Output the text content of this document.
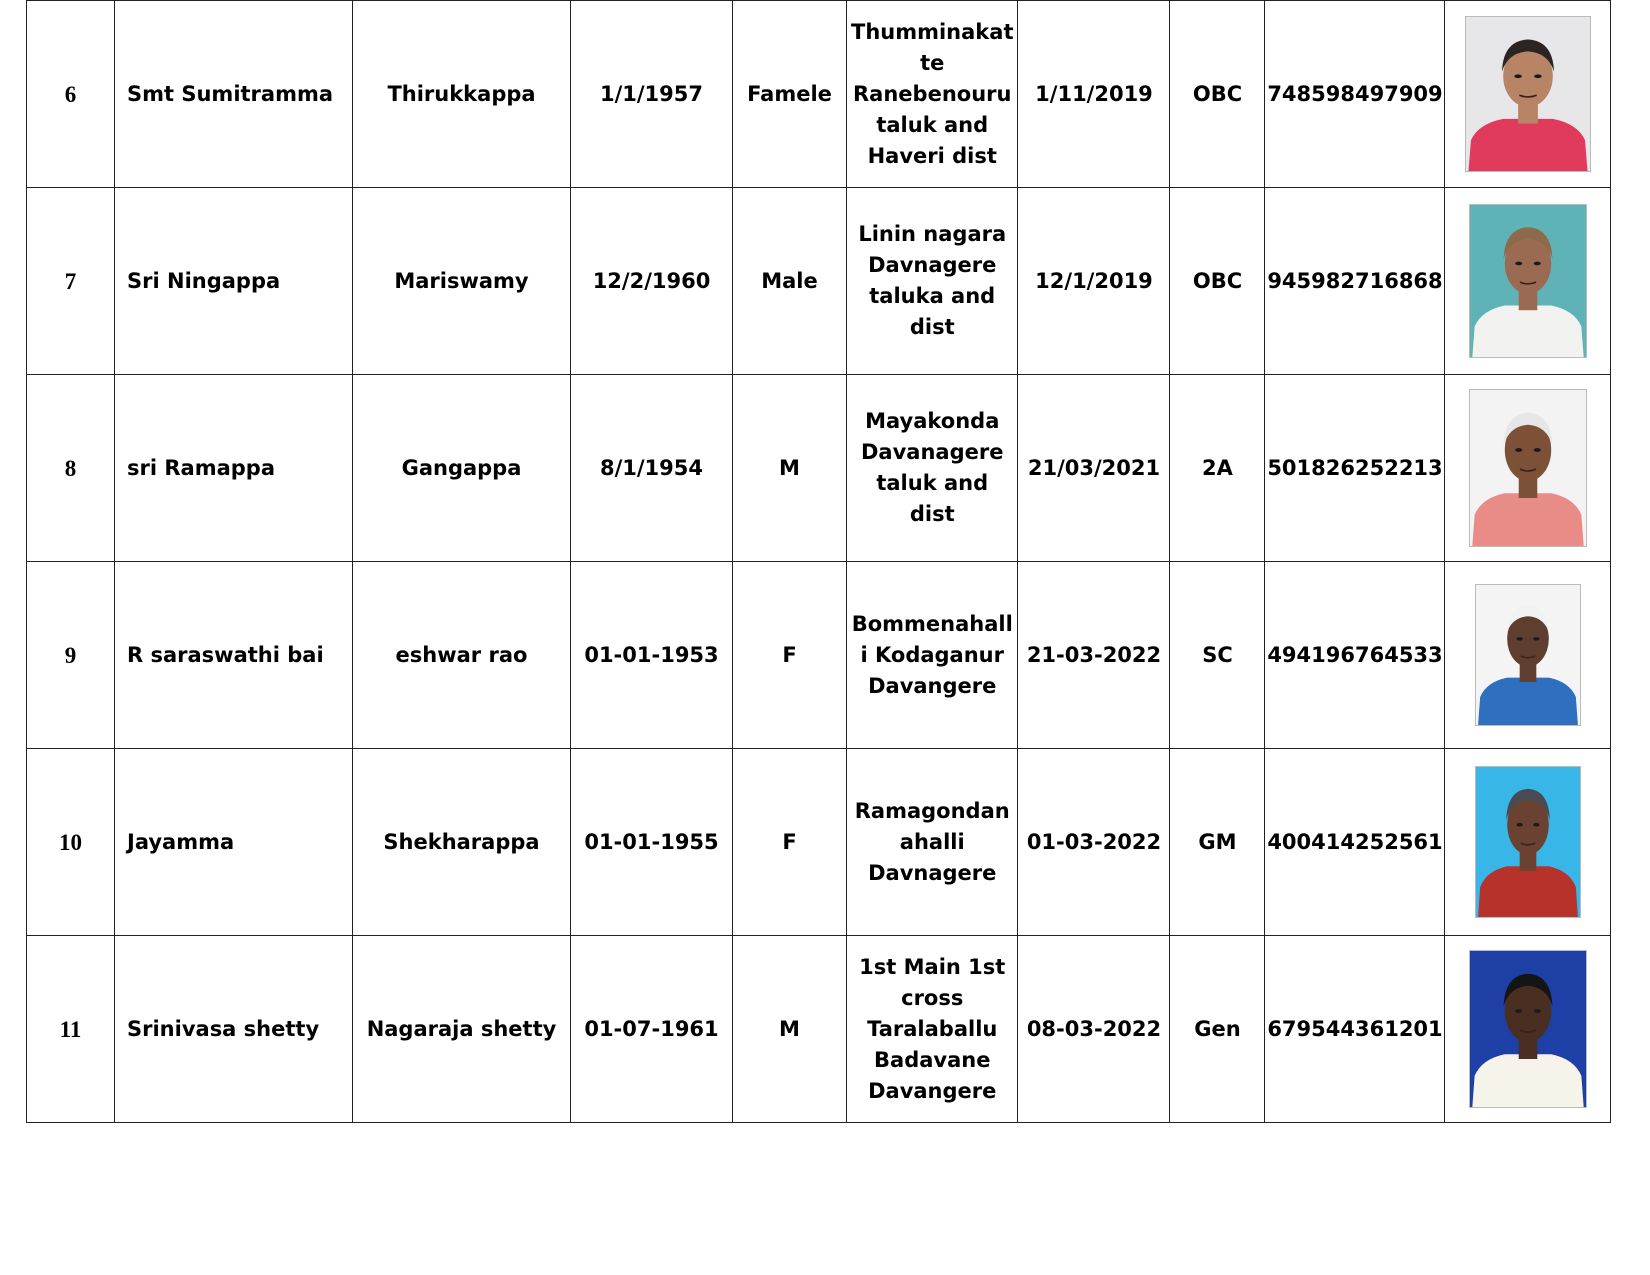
6	Smt Sumitramma	Thirukkappa	1/1/1957	Famele	Thumminakat
te
Ranebenouru
taluk and
Haveri dist	1/11/2019	OBC	748598497909	

7	Sri Ningappa	Mariswamy	12/2/1960	Male	Linin nagara
Davnagere
taluka and
dist	12/1/2019	OBC	945982716868	

8	sri Ramappa	Gangappa	8/1/1954	M	Mayakonda
Davanagere
taluk and dist	21/03/2021	2A	501826252213	

9	R saraswathi bai	eshwar rao	01-01-1953	F	Bommenahall
i Kodaganur
Davangere	21-03-2022	SC	494196764533	

10	Jayamma	Shekharappa	01-01-1955	F	Ramagondan
ahalli
Davnagere	01-03-2022	GM	400414252561	

11	Srinivasa shetty	Nagaraja shetty	01-07-1961	M	1st Main 1st
cross
Taralaballu
Badavane
Davangere	08-03-2022	Gen	679544361201	
